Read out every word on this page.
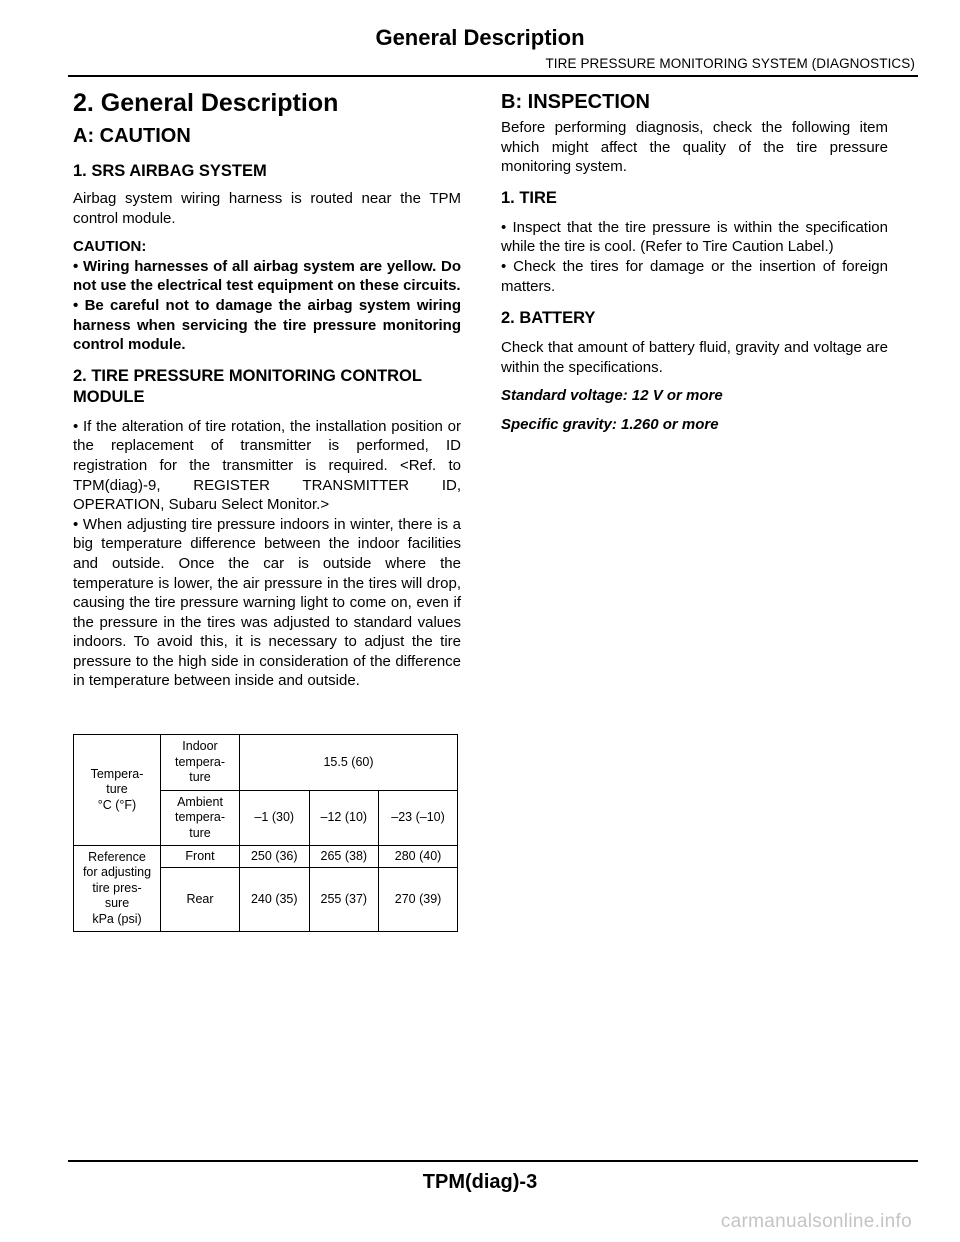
General Description
TIRE PRESSURE MONITORING SYSTEM (DIAGNOSTICS)
2. General Description
A: CAUTION
1. SRS AIRBAG SYSTEM

Airbag system wiring harness is routed near the TPM control module.

CAUTION:

• Wiring harnesses of all airbag system are yellow. Do not use the electrical test equipment on these circuits.

• Be careful not to damage the airbag system wiring harness when servicing the tire pressure monitoring control module.

2. TIRE PRESSURE MONITORING CONTROL MODULE

• If the alteration of tire rotation, the installation position or the replacement of transmitter is performed, ID registration for the transmitter is required. <Ref. to TPM(diag)-9, REGISTER TRANSMITTER ID, OPERATION, Subaru Select Monitor.>

• When adjusting tire pressure indoors in winter, there is a big temperature difference between the indoor facilities and outside. Once the car is outside where the temperature is lower, the air pressure in the tires will drop, causing the tire pressure warning light to come on, even if the pressure in the tires was adjusted to standard values indoors. To avoid this, it is necessary to adjust the tire pressure to the high side in consideration of the difference in temperature between inside and outside.

Tempera-
ture
°C (°F)	Indoor
tempera-
ture	15.5 (60)		
	Ambient
tempera-
ture	–1 (30)	–12 (10)	–23 (–10)
Reference
for adjusting
tire pres-
sure
kPa (psi)	Front	250 (36)	265 (38)	280 (40)
	Rear	240 (35)	255 (37)	270 (39)
B: INSPECTION

Before performing diagnosis, check the following item which might affect the quality of the tire pressure monitoring system.

1. TIRE

• Inspect that the tire pressure is within the specification while the tire is cool. (Refer to Tire Caution Label.)

• Check the tires for damage or the insertion of foreign matters.

2. BATTERY

Check that amount of battery fluid, gravity and voltage are within the specifications.

Standard voltage: 12 V or more

Specific gravity: 1.260 or more

TPM(diag)-3
carmanualsonline.info
